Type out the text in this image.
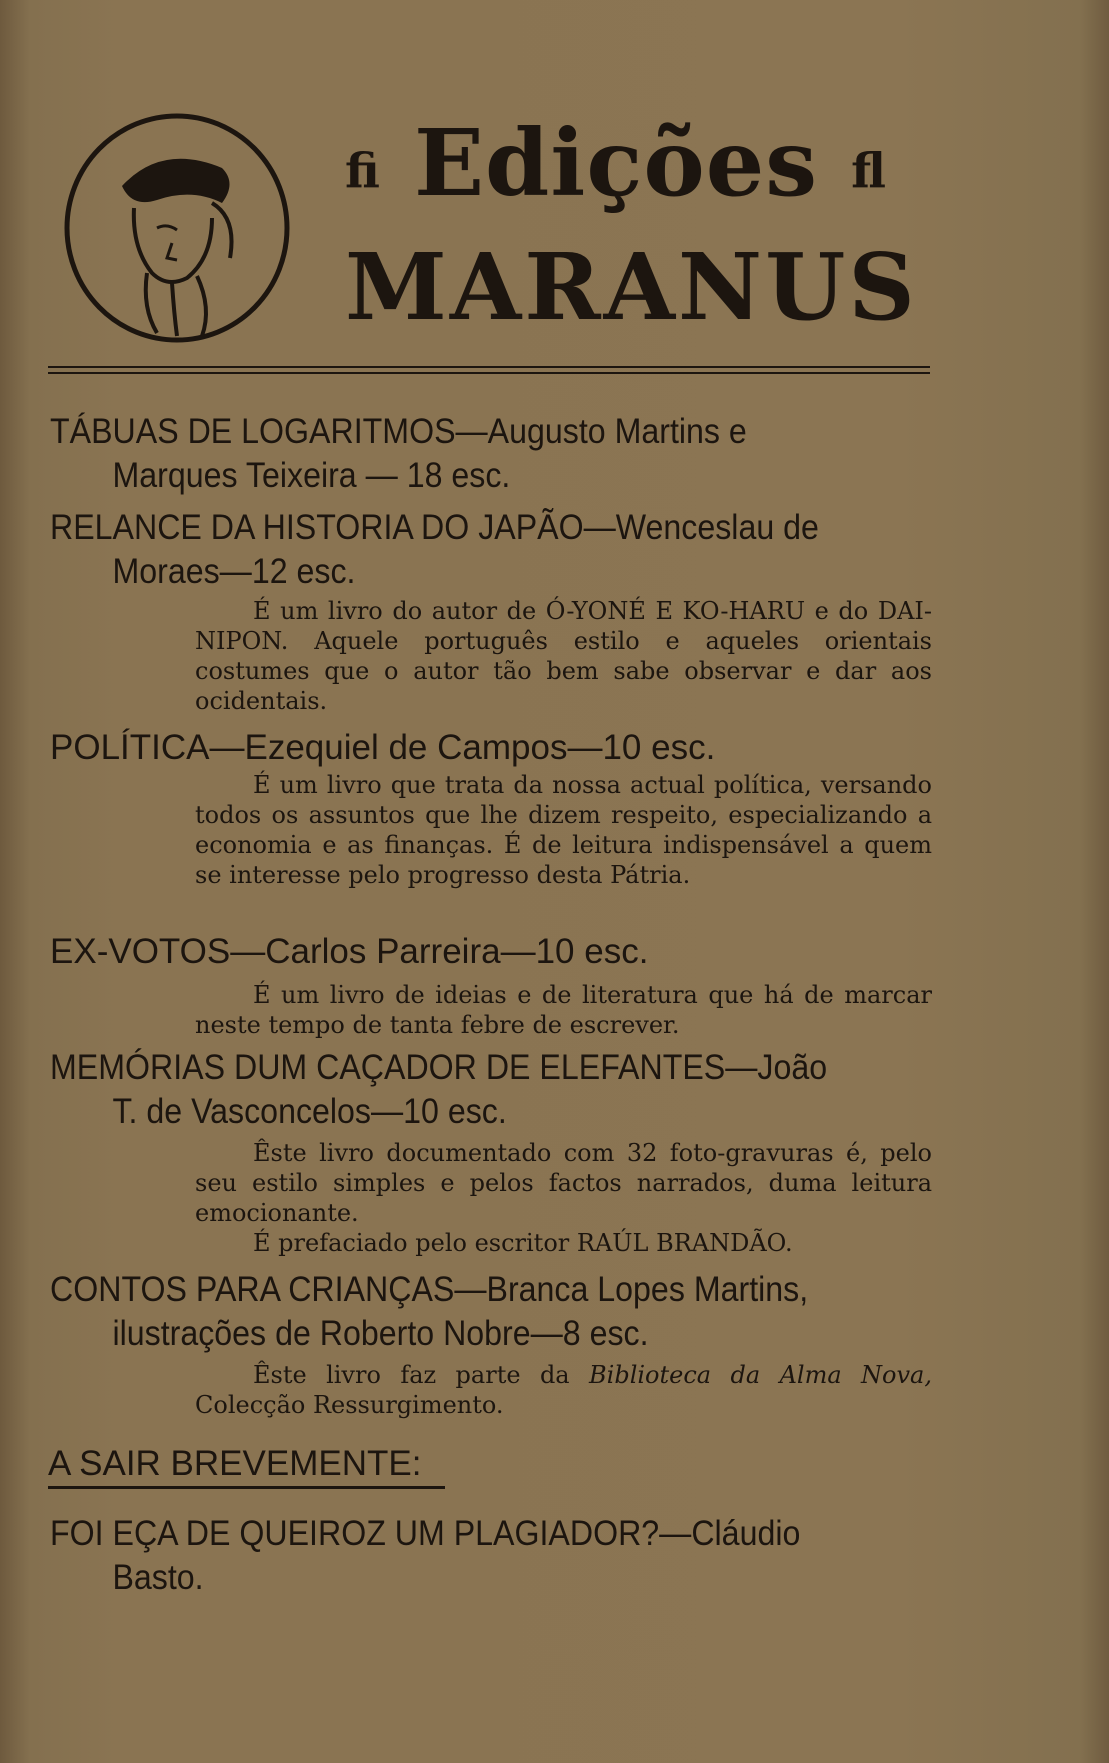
ﬁ Edições ﬂ
MARANUS
TÁBUAS DE LOGARITMOS—Augusto Martins e
Marques Teixeira — 18 esc.
RELANCE DA HISTORIA DO JAPÃO—Wenceslau de
Moraes—12 esc.
É um livro do autor de Ó-YONÉ E KO-HARU e do DAI-NIPON. Aquele português estilo e aqueles orientais costumes que o autor tão bem sabe observar e dar aos ocidentais.
POLÍTICA—Ezequiel de Campos—10 esc.
É um livro que trata da nossa actual política, versando todos os assuntos que lhe dizem respeito, especializando a economia e as finanças. É de leitura indispensável a quem se interesse pelo progresso desta Pátria.
EX-VOTOS—Carlos Parreira—10 esc.
É um livro de ideias e de literatura que há de marcar neste tempo de tanta febre de escrever.
MEMÓRIAS DUM CAÇADOR DE ELEFANTES—João
T. de Vasconcelos—10 esc.
Êste livro documentado com 32 foto-gravuras é, pelo seu estilo simples e pelos factos narrados, duma leitura emocionante.
É prefaciado pelo escritor RAÚL BRANDÃO.
CONTOS PARA CRIANÇAS—Branca Lopes Martins,
ilustrações de Roberto Nobre—8 esc.
Êste livro faz parte da Biblioteca da Alma Nova, Colecção Ressurgimento.
A SAIR BREVEMENTE:
FOI EÇA DE QUEIROZ UM PLAGIADOR?—Cláudio
Basto.
